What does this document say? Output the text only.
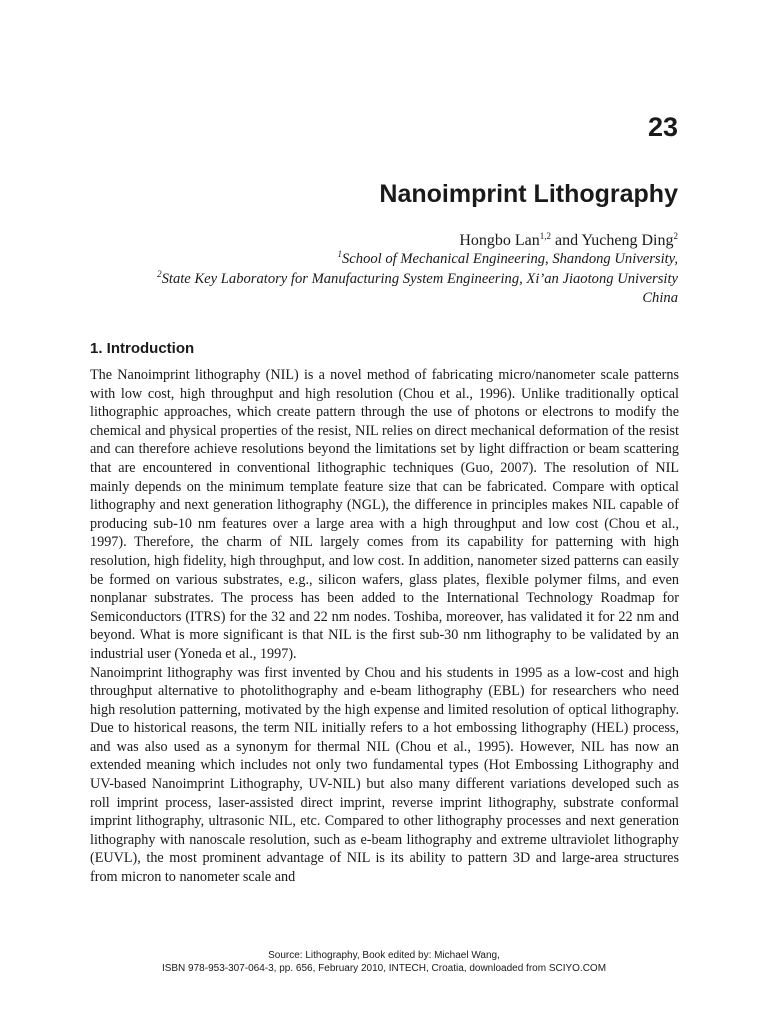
23
Nanoimprint Lithography
Hongbo Lan$^{1,2}$ and Yucheng Ding$^2$
$^1$School of Mechanical Engineering, Shandong University,
$^2$State Key Laboratory for Manufacturing System Engineering, Xi’an Jiaotong University
China
1. Introduction

The Nanoimprint lithography (NIL) is a novel method of fabricating micro/nanometer scale patterns with low cost, high throughput and high resolution (Chou et al., 1996). Unlike traditionally optical lithographic approaches, which create pattern through the use of photons or electrons to modify the chemical and physical properties of the resist, NIL relies on direct mechanical deformation of the resist and can therefore achieve resolutions beyond the limitations set by light diffraction or beam scattering that are encountered in conventional lithographic techniques (Guo, 2007). The resolution of NIL mainly depends on the minimum template feature size that can be fabricated. Compare with optical lithography and next generation lithography (NGL), the difference in principles makes NIL capable of producing sub-10 nm features over a large area with a high throughput and low cost (Chou et al., 1997). Therefore, the charm of NIL largely comes from its capability for patterning with high resolution, high fidelity, high throughput, and low cost. In addition, nanometer sized patterns can easily be formed on various substrates, e.g., silicon wafers, glass plates, flexible polymer films, and even nonplanar substrates. The process has been added to the International Technology Roadmap for Semiconductors (ITRS) for the 32 and 22 nm nodes. Toshiba, moreover, has validated it for 22 nm and beyond. What is more significant is that NIL is the first sub-30 nm lithography to be validated by an industrial user (Yoneda et al., 1997).

Nanoimprint lithography was first invented by Chou and his students in 1995 as a low-cost and high throughput alternative to photolithography and e-beam lithography (EBL) for researchers who need high resolution patterning, motivated by the high expense and limited resolution of optical lithography. Due to historical reasons, the term NIL initially refers to a hot embossing lithography (HEL) process, and was also used as a synonym for thermal NIL (Chou et al., 1995). However, NIL has now an extended meaning which includes not only two fundamental types (Hot Embossing Lithography and UV-based Nanoimprint Lithography, UV-NIL) but also many different variations developed such as roll imprint process, laser-assisted direct imprint, reverse imprint lithography, substrate conformal imprint lithography, ultrasonic NIL, etc. Compared to other lithography processes and next generation lithography with nanoscale resolution, such as e-beam lithography and extreme ultraviolet lithography (EUVL), the most prominent advantage of NIL is its ability to pattern 3D and large-area structures from micron to nanometer scale and

Source: Lithography, Book edited by: Michael Wang,
ISBN 978-953-307-064-3, pp. 656, February 2010, INTECH, Croatia, downloaded from SCIYO.COM
